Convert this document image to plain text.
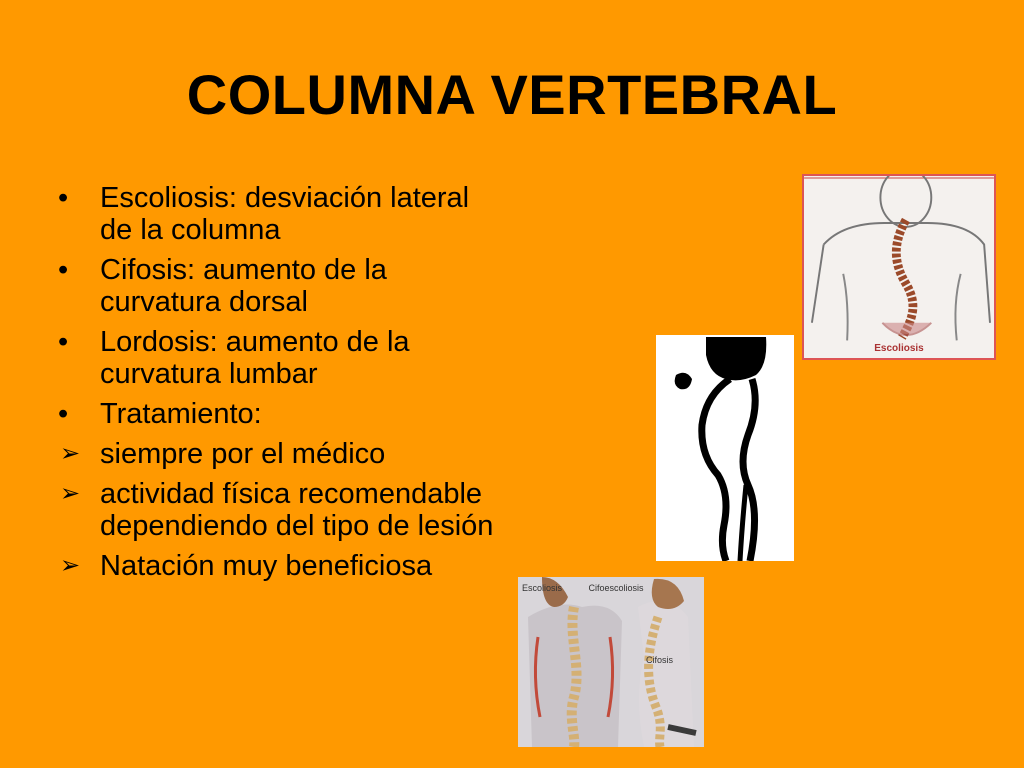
COLUMNA VERTEBRAL
•	Escoliosis: desviación lateral de la columna
•	Cifosis: aumento de la curvatura dorsal
•	Lordosis: aumento de la curvatura lumbar
•	Tratamiento:
➢ siempre por el médico
➢ actividad física recomendable dependiendo del tipo de lesión
➢ Natación muy beneficiosa
Escoliosis
Escoliosis	Cifoescoliosis
Cifosis
